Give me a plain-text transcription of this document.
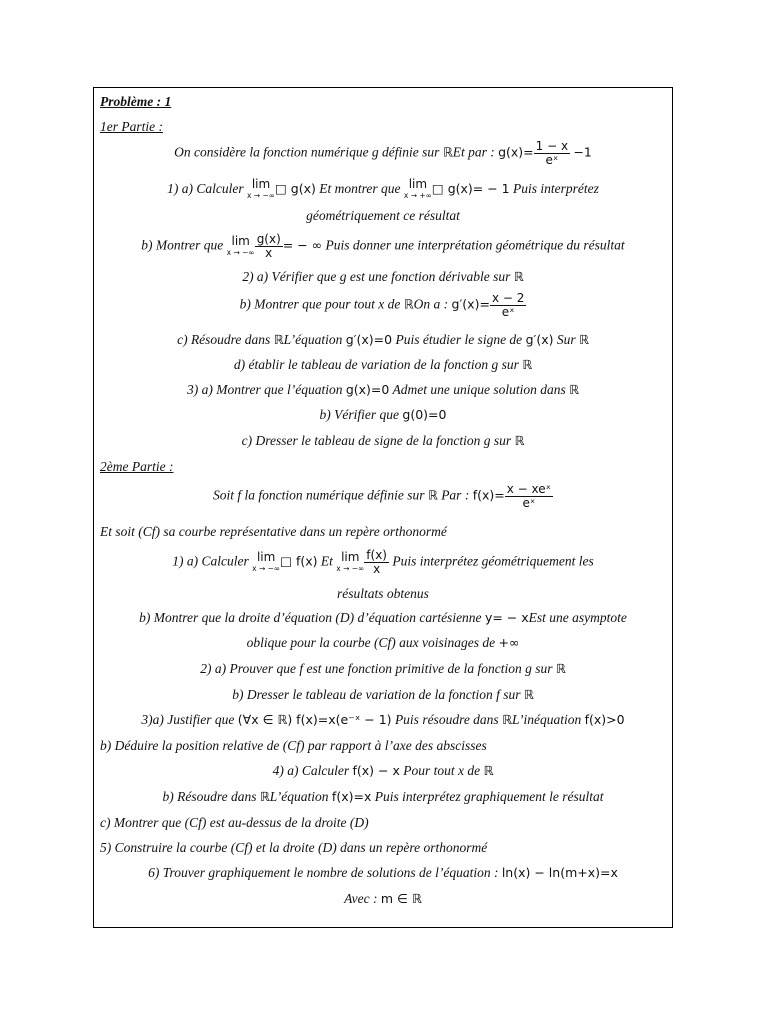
Problème : 1
1er Partie :
On considère la fonction numérique g définie sur ℝEt par : $g(x)= \frac{1 - x}{\text{eˣ}} -1$
1) a) Calculer lim
x → −∞ □ g(x) Et montrer que lim
x → +∞ □ g(x)= − 1 Puis interprétez
géométriquement ce résultat
b) Montrer que lim
x → −∞ $\frac{g(x)}{x}$ = − ∞ Puis donner une interprétation géométrique du résultat
2) a) Vérifier que g est une fonction dérivable sur ℝ
b) Montrer que pour tout x de ℝOn a : $g'(x)= \frac{x - 2}{\text{eˣ}}$
c) Résoudre dans ℝL’équation g′(x)=0 Puis étudier le signe de g′(x) Sur ℝ
d) établir le tableau de variation de la fonction g sur ℝ
3) a) Montrer que l’équation g(x)=0 Admet une unique solution dans ℝ
b) Vérifier que g(0)=0
c) Dresser le tableau de signe de la fonction g sur ℝ
2ème Partie :
Soit f la fonction numérique définie sur ℝ Par : $f(x)= \frac{\text{x − xeˣ}}{\text{eˣ}}$
Et soit (Cf) sa courbe représentative dans un repère orthonormé
1) a) Calculer lim
x → −∞ □ f(x) Et lim
x → −∞ $\frac{f(x)}{x}$ Puis interprétez géométriquement les
résultats obtenus
b) Montrer que la droite d’équation (D) d’équation cartésienne y= − xEst une asymptote
oblique pour la courbe (Cf) aux voisinages de +∞
2) a) Prouver que f est une fonction primitive de la fonction g sur ℝ
b) Dresser le tableau de variation de la fonction f sur ℝ
3)a) Justifier que (∀x ∈ ℝ) f(x)=x(e⁻ˣ − 1) Puis résoudre dans ℝL’inéquation f(x)>0
b) Déduire la position relative de (Cf) par rapport à l’axe des abscisses
4) a) Calculer f(x) − x Pour tout x de ℝ
b) Résoudre dans ℝL’équation f(x)=x Puis interprétez graphiquement le résultat
c) Montrer que (Cf) est au-dessus de la droite (D)
5) Construire la courbe (Cf) et la droite (D) dans un repère orthonormé
6) Trouver graphiquement le nombre de solutions de l’équation : ln(x) − ln(m+x)=x
Avec : m ∈ ℝ
